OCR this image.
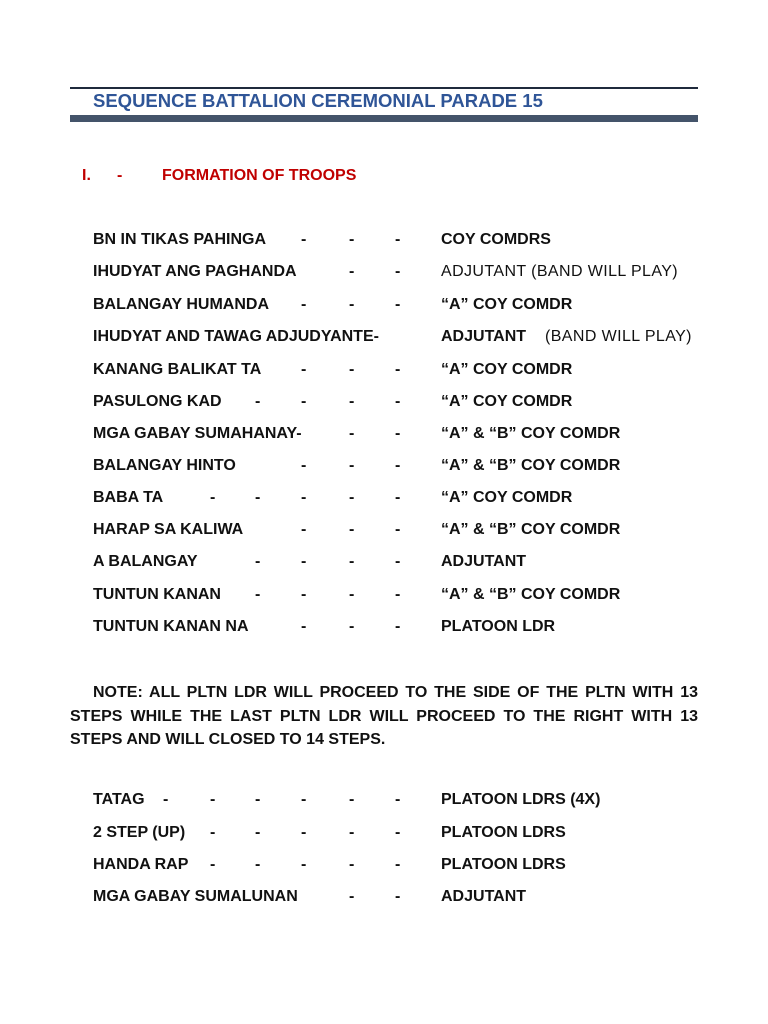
SEQUENCE BATTALION CEREMONIAL PARADE 15
I. - FORMATION OF TROOPS
BN IN TIKAS PAHINGA -	-	-	COY COMDRS
IHUDYAT ANG PAGHANDA	-	-	ADJUTANT (BAND WILL PLAY)
BALANGAY HUMANDA -	-	-	“A” COY COMDR
IHUDYAT AND TAWAG ADJUDYANTE-	ADJUTANT (BAND WILL PLAY)
KANANG BALIKAT TA -	-	-	“A” COY COMDR
PASULONG KAD -	-	-	-	“A” COY COMDR
MGA GABAY SUMAHANAY-	-	-	“A” & “B” COY COMDR
BALANGAY HINTO	-	-	-	“A” & “B” COY COMDR
BABA TA	- -	-	-	-	“A” COY COMDR
HARAP SA KALIWA	-	-	-	“A” & “B” COY COMDR
A BALANGAY	-	-	-	-	ADJUTANT
TUNTUN KANAN -	-	-	-	“A” & “B” COY COMDR
TUNTUN KANAN NA	-	-	-	PLATOON LDR
NOTE: ALL PLTN LDR WILL PROCEED TO THE SIDE OF THE PLTN WITH 13 STEPS WHILE THE LAST PLTN LDR WILL PROCEED TO THE RIGHT WITH 13 STEPS AND WILL CLOSED TO 14 STEPS.
TATAG -	- -	-	-	-	PLATOON LDRS (4X)
2 STEP (UP) - -	-	-	-	PLATOON LDRS
HANDA RAP - -	-	-	-	PLATOON LDRS
MGA GABAY SUMALUNAN	-	-	ADJUTANT
